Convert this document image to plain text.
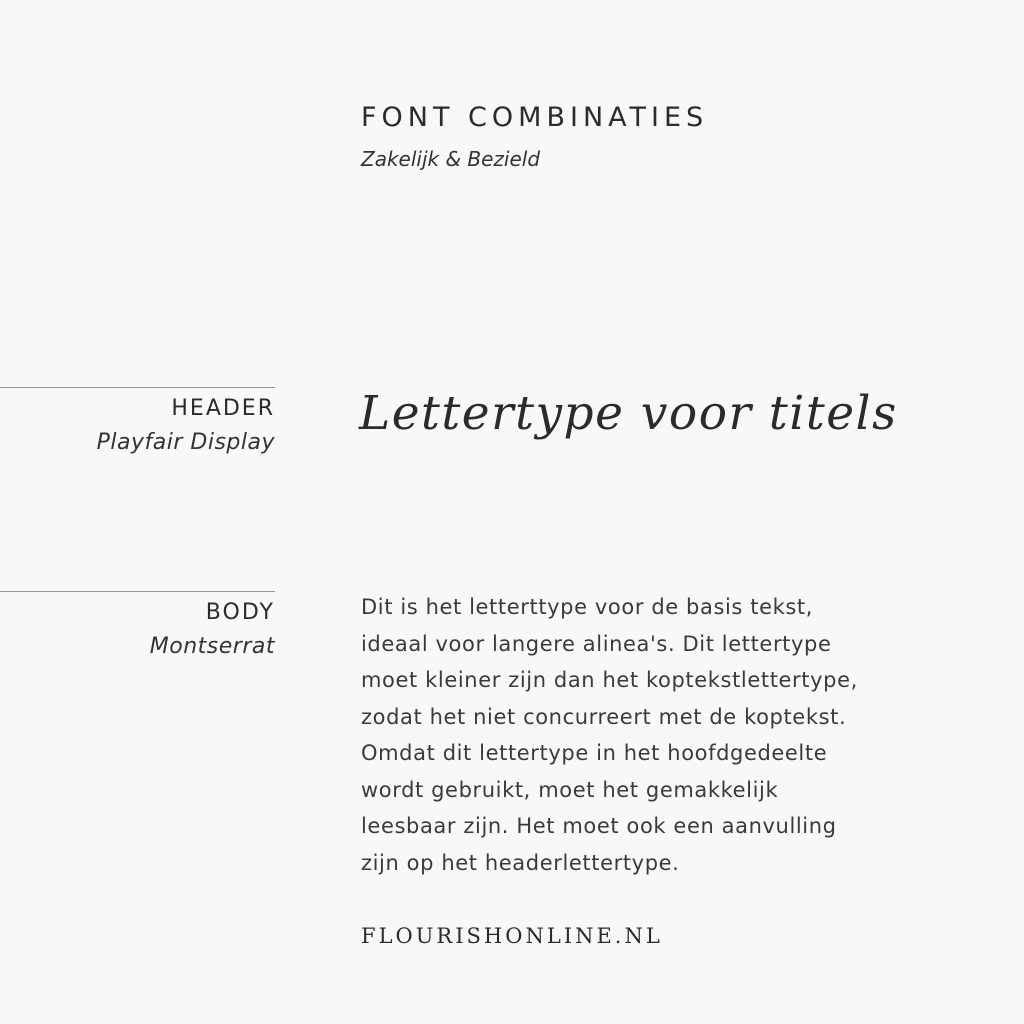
FONT COMBINATIES
Zakelijk & Bezield
HEADER
Playfair Display
Lettertype voor titels
BODY
Montserrat
Dit is het letterttype voor de basis tekst,
ideaal voor langere alinea's. Dit lettertype
moet kleiner zijn dan het koptekstlettertype,
zodat het niet concurreert met de koptekst.
Omdat dit lettertype in het hoofdgedeelte
wordt gebruikt, moet het gemakkelijk
leesbaar zijn. Het moet ook een aanvulling
zijn op het headerlettertype.
FLOURISHONLINE.NL
